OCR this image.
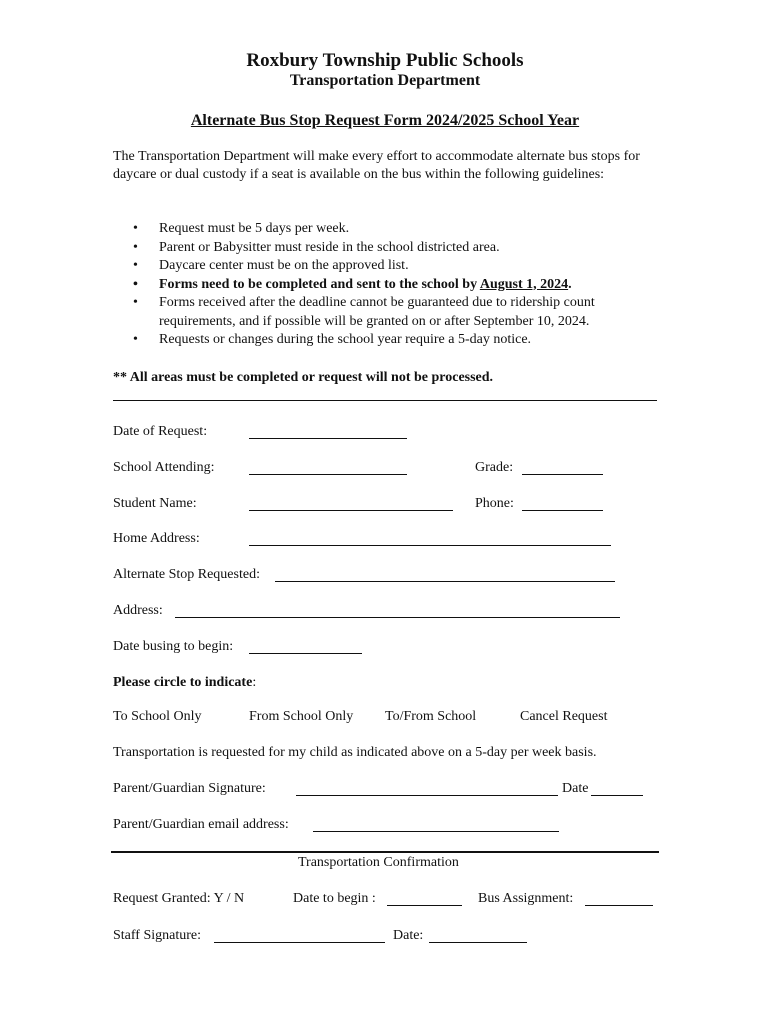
Roxbury Township Public Schools
Transportation Department
Alternate Bus Stop Request Form 2024/2025 School Year

The Transportation Department will make every effort to accommodate alternate bus stops for daycare or dual custody if a seat is available on the bus within the following guidelines:

• Request must be 5 days per week.
• Parent or Babysitter must reside in the school districted area.
• Daycare center must be on the approved list.
• Forms need to be completed and sent to the school by August 1, 2024.
• Forms received after the deadline cannot be guaranteed due to ridership count requirements, and if possible will be granted on or after September 10, 2024.
• Requests or changes during the school year require a 5-day notice.
** All areas must be completed or request will not be processed.
Date of Request:
School Attending:	Grade:
Student Name:	Phone:
Home Address:
Alternate Stop Requested:
Address:
Date busing to begin:
Please circle to indicate:
To School Only	From School Only To/From School	Cancel Request
Transportation is requested for my child as indicated above on a 5-day per week basis.
Parent/Guardian Signature:	Date
Parent/Guardian email address:
Transportation Confirmation
Request Granted: Y / N	Date to begin :	Bus Assignment:
Staff Signature:	Date:
